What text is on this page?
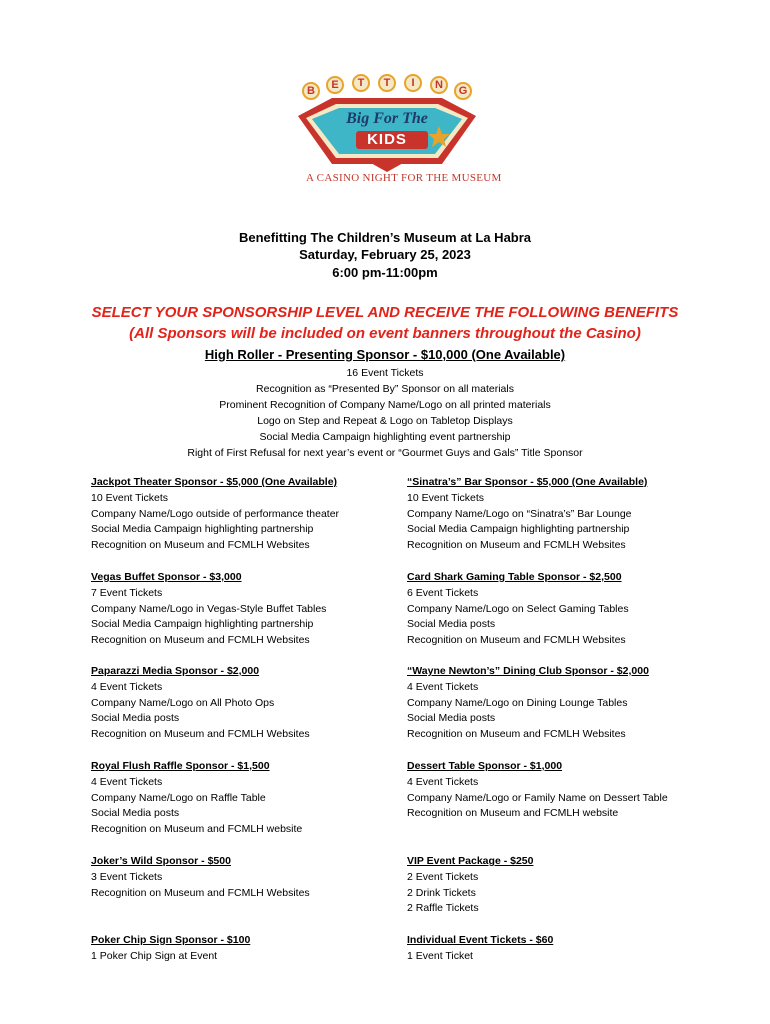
B	E	T	T	I	N	G
Big For The
KIDS
A CASINO NIGHT FOR THE MUSEUM
Benefitting The Children’s Museum at La Habra
Saturday, February 25, 2023
6:00 pm-11:00pm
SELECT YOUR SPONSORSHIP LEVEL AND RECEIVE THE FOLLOWING BENEFITS
(All Sponsors will be included on event banners throughout the Casino)
High Roller - Presenting Sponsor - $10,000 (One Available)
16 Event Tickets
Recognition as “Presented By” Sponsor on all materials
Prominent Recognition of Company Name/Logo on all printed materials
Logo on Step and Repeat & Logo on Tabletop Displays
Social Media Campaign highlighting event partnership
Right of First Refusal for next year’s event or “Gourmet Guys and Gals” Title Sponsor
Jackpot Theater Sponsor - $5,000 (One Available)
10 Event Tickets
Company Name/Logo outside of performance theater
Social Media Campaign highlighting partnership
Recognition on Museum and FCMLH Websites
“Sinatra’s” Bar Sponsor - $5,000 (One Available)
10 Event Tickets
Company Name/Logo on “Sinatra’s” Bar Lounge
Social Media Campaign highlighting partnership
Recognition on Museum and FCMLH Websites
Vegas Buffet Sponsor - $3,000
7 Event Tickets
Company Name/Logo in Vegas-Style Buffet Tables
Social Media Campaign highlighting partnership
Recognition on Museum and FCMLH Websites
Card Shark Gaming Table Sponsor - $2,500
6 Event Tickets
Company Name/Logo on Select Gaming Tables
Social Media posts
Recognition on Museum and FCMLH Websites
Paparazzi Media Sponsor - $2,000
4 Event Tickets
Company Name/Logo on All Photo Ops
Social Media posts
Recognition on Museum and FCMLH Websites
“Wayne Newton’s” Dining Club Sponsor - $2,000
4 Event Tickets
Company Name/Logo on Dining Lounge Tables
Social Media posts
Recognition on Museum and FCMLH Websites
Royal Flush Raffle Sponsor - $1,500
4 Event Tickets
Company Name/Logo on Raffle Table
Social Media posts
Recognition on Museum and FCMLH website
Dessert Table Sponsor - $1,000
4 Event Tickets
Company Name/Logo or Family Name on Dessert Table
Recognition on Museum and FCMLH website
Joker’s Wild Sponsor - $500
3 Event Tickets
Recognition on Museum and FCMLH Websites
VIP Event Package - $250
2 Event Tickets
2 Drink Tickets
2 Raffle Tickets
Poker Chip Sign Sponsor - $100
1 Poker Chip Sign at Event
Individual Event Tickets - $60
1 Event Ticket
